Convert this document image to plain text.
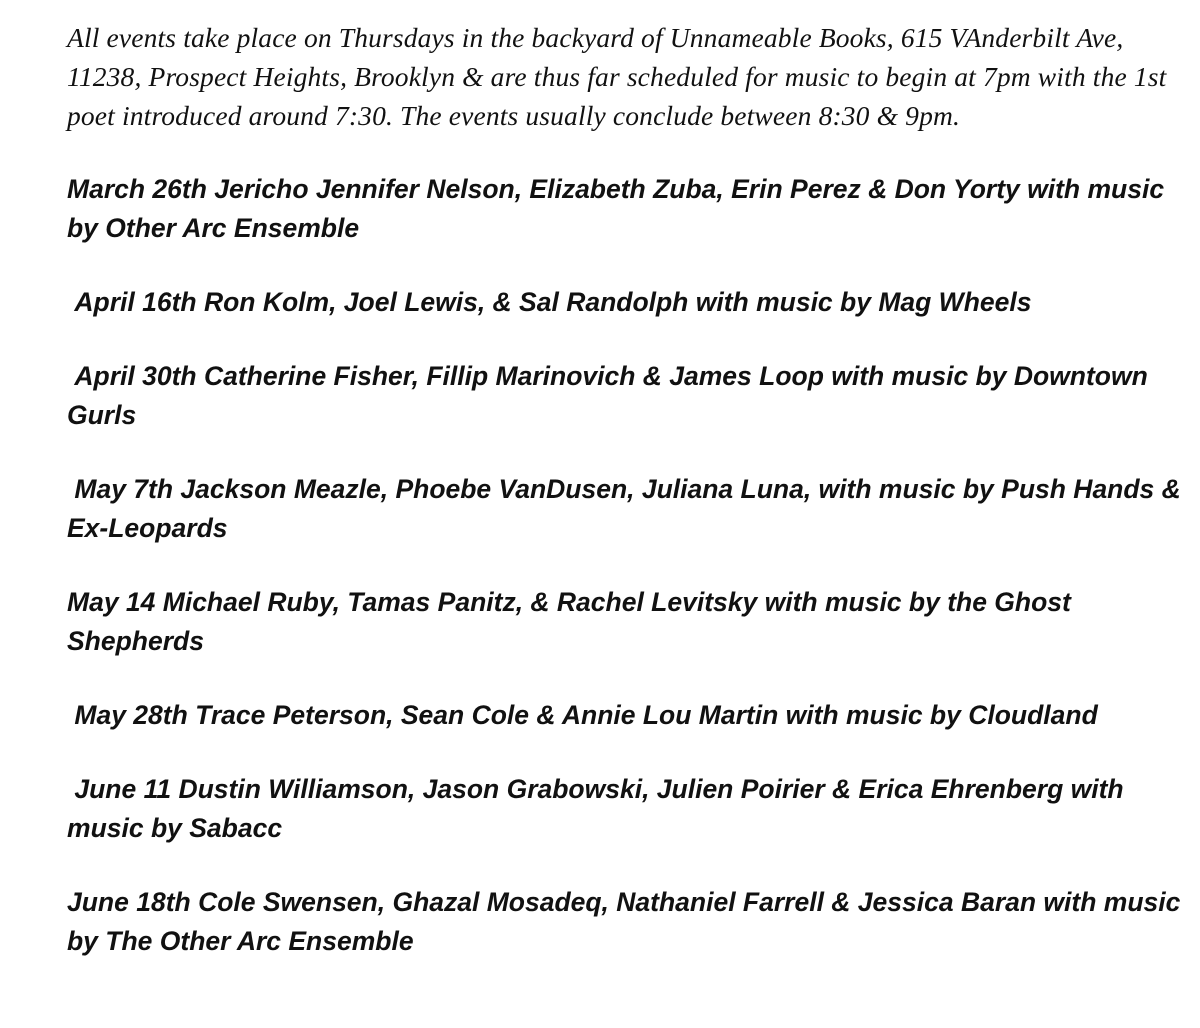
All events take place on Thursdays in the backyard of Unnameable Books, 615 VAnderbilt Ave, 11238, Prospect Heights, Brooklyn & are thus far scheduled for music to begin at 7pm with the 1st poet introduced around 7:30. The events usually conclude between 8:30 & 9pm.

March 26th Jericho Jennifer Nelson, Elizabeth Zuba, Erin Perez & Don Yorty with music by Other Arc Ensemble
April 16th Ron Kolm, Joel Lewis, & Sal Randolph with music by Mag Wheels
April 30th Catherine Fisher, Fillip Marinovich & James Loop with music by Downtown Gurls
May 7th Jackson Meazle, Phoebe VanDusen, Juliana Luna, with music by Push Hands & Ex-Leopards
May 14 Michael Ruby, Tamas Panitz, & Rachel Levitsky with music by the Ghost Shepherds
May 28th Trace Peterson, Sean Cole & Annie Lou Martin with music by Cloudland
June 11 Dustin Williamson, Jason Grabowski, Julien Poirier & Erica Ehrenberg with music by Sabacc
June 18th Cole Swensen, Ghazal Mosadeq, Nathaniel Farrell & Jessica Baran with music by The Other Arc Ensemble
